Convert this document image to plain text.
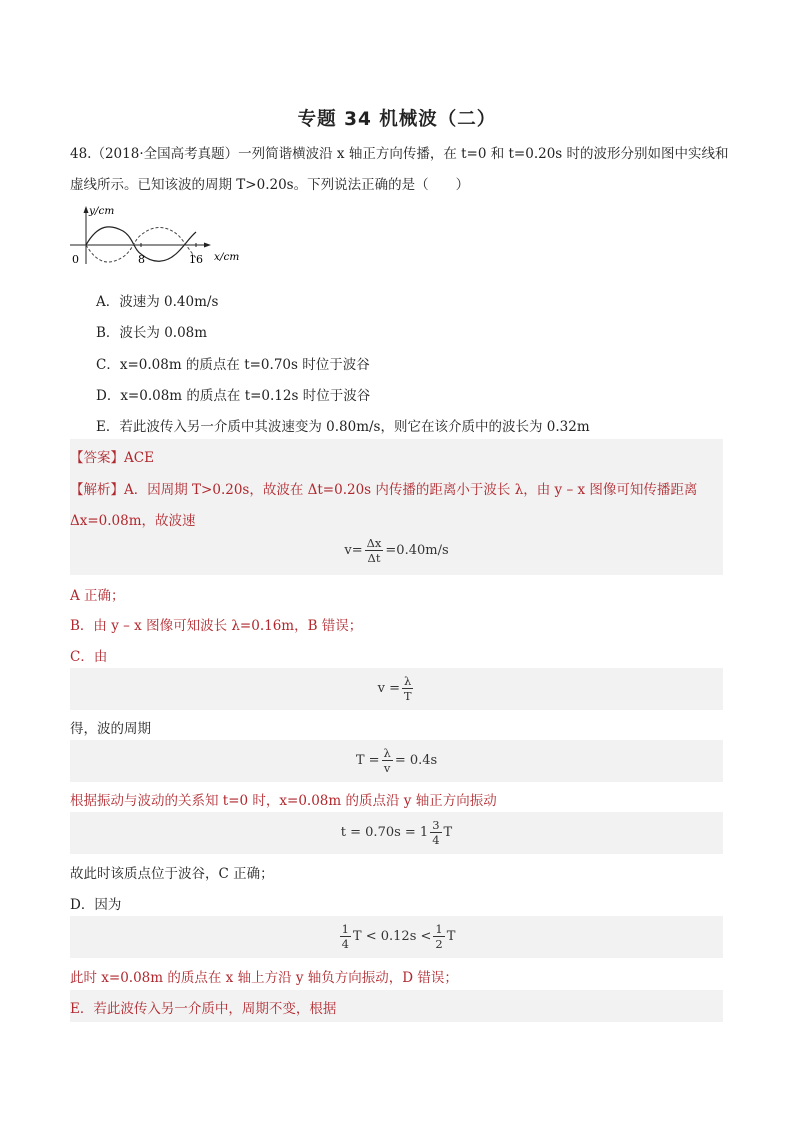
专题 34 机械波（二）
48.（2018·全国高考真题）一列简谐横波沿 x 轴正方向传播，在 t=0 和 t=0.20s 时的波形分别如图中实线和
虚线所示。已知该波的周期 T>0.20s。下列说法正确的是（　　）
y/cm
x/cm
0	8	16
A．波速为 0.40m/s
B．波长为 0.08m
C．x=0.08m 的质点在 t=0.70s 时位于波谷
D．x=0.08m 的质点在 t=0.12s 时位于波谷
E．若此波传入另一介质中其波速变为 0.80m/s，则它在该介质中的波长为 0.32m
【答案】ACE
【解析】A．因周期 T>0.20s，故波在 Δt=0.20s 内传播的距离小于波长 λ，由 y – x 图像可知传播距离
Δx=0.08m，故波速
$v= \frac{\Delta x}{\Delta t} =0.40m/s$
A 正确；
B．由 y – x 图像可知波长 λ=0.16m，B 错误；
C．由
$v = \frac{\lambda}{T}$
得，波的周期
$T = \frac{\lambda}{v} = 0.4s$
根据振动与波动的关系知 t=0 时，x=0.08m 的质点沿 y 轴正方向振动
$t = 0.70s = 1 \frac{3}{4}$ T
故此时该质点位于波谷，C 正确；
D．因为
$\frac{1}{4}$ $T < 0.12s < \frac{1}{2}$ T
此时 x=0.08m 的质点在 x 轴上方沿 y 轴负方向振动，D 错误；
E．若此波传入另一介质中，周期不变，根据
